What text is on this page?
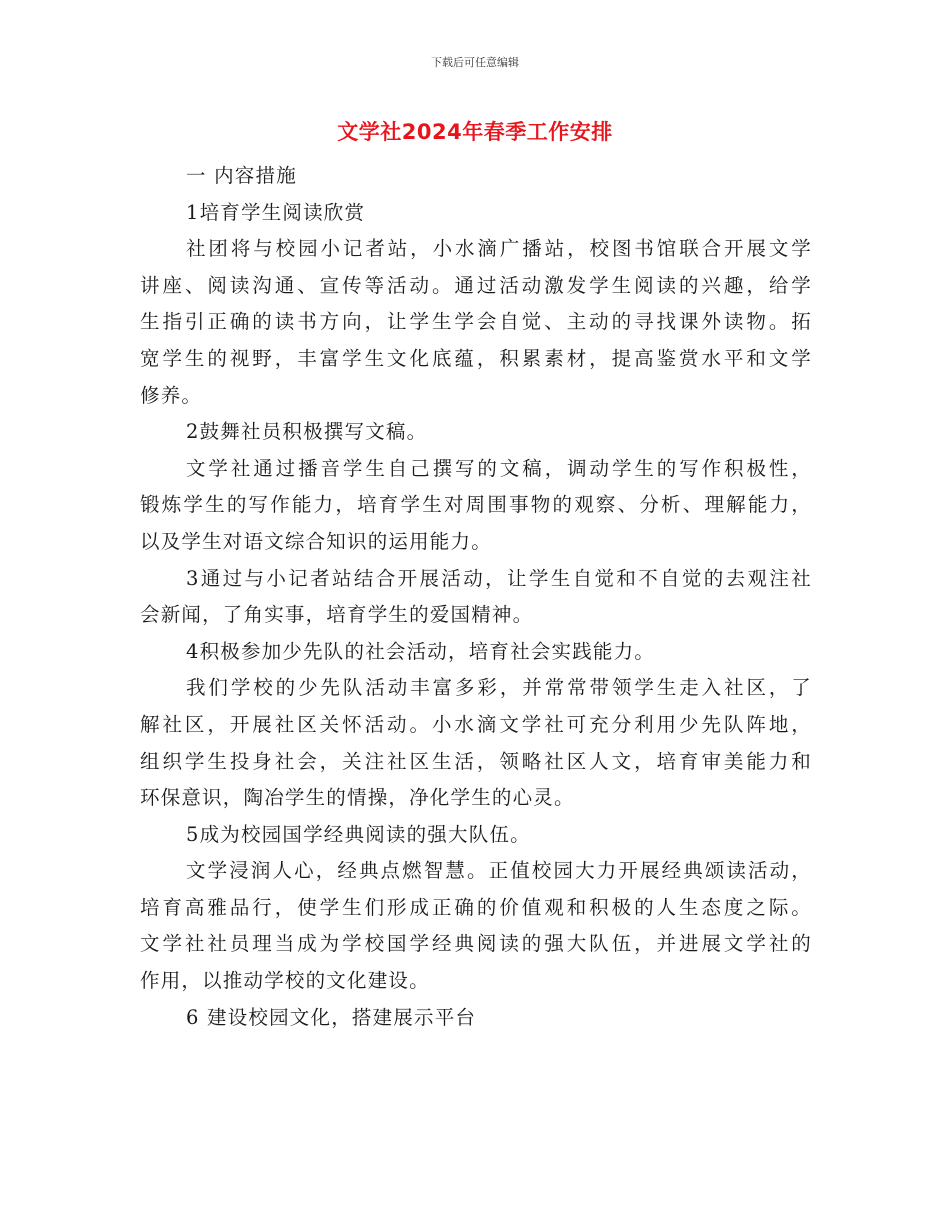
下载后可任意编辑
文学社2024年春季工作安排
一 内容措施
1培育学生阅读欣赏
社团将与校园小记者站，小水滴广播站，校图书馆联合开展文学
讲座、阅读沟通、宣传等活动。通过活动激发学生阅读的兴趣，给学
生指引正确的读书方向，让学生学会自觉、主动的寻找课外读物。拓
宽学生的视野，丰富学生文化底蕴，积累素材，提高鉴赏水平和文学
修养。
2鼓舞社员积极撰写文稿。
文学社通过播音学生自己撰写的文稿，调动学生的写作积极性，
锻炼学生的写作能力，培育学生对周围事物的观察、分析、理解能力，
以及学生对语文综合知识的运用能力。
3通过与小记者站结合开展活动，让学生自觉和不自觉的去观注社
会新闻，了角实事，培育学生的爱国精神。
4积极参加少先队的社会活动，培育社会实践能力。
我们学校的少先队活动丰富多彩，并常常带领学生走入社区，了
解社区，开展社区关怀活动。小水滴文学社可充分利用少先队阵地，
组织学生投身社会，关注社区生活，领略社区人文，培育审美能力和
环保意识，陶冶学生的情操，净化学生的心灵。
5成为校园国学经典阅读的强大队伍。
文学浸润人心，经典点燃智慧。正值校园大力开展经典颂读活动，
培育高雅品行，使学生们形成正确的价值观和积极的人生态度之际。
文学社社员理当成为学校国学经典阅读的强大队伍，并进展文学社的
作用，以推动学校的文化建设。
6 建设校园文化，搭建展示平台
